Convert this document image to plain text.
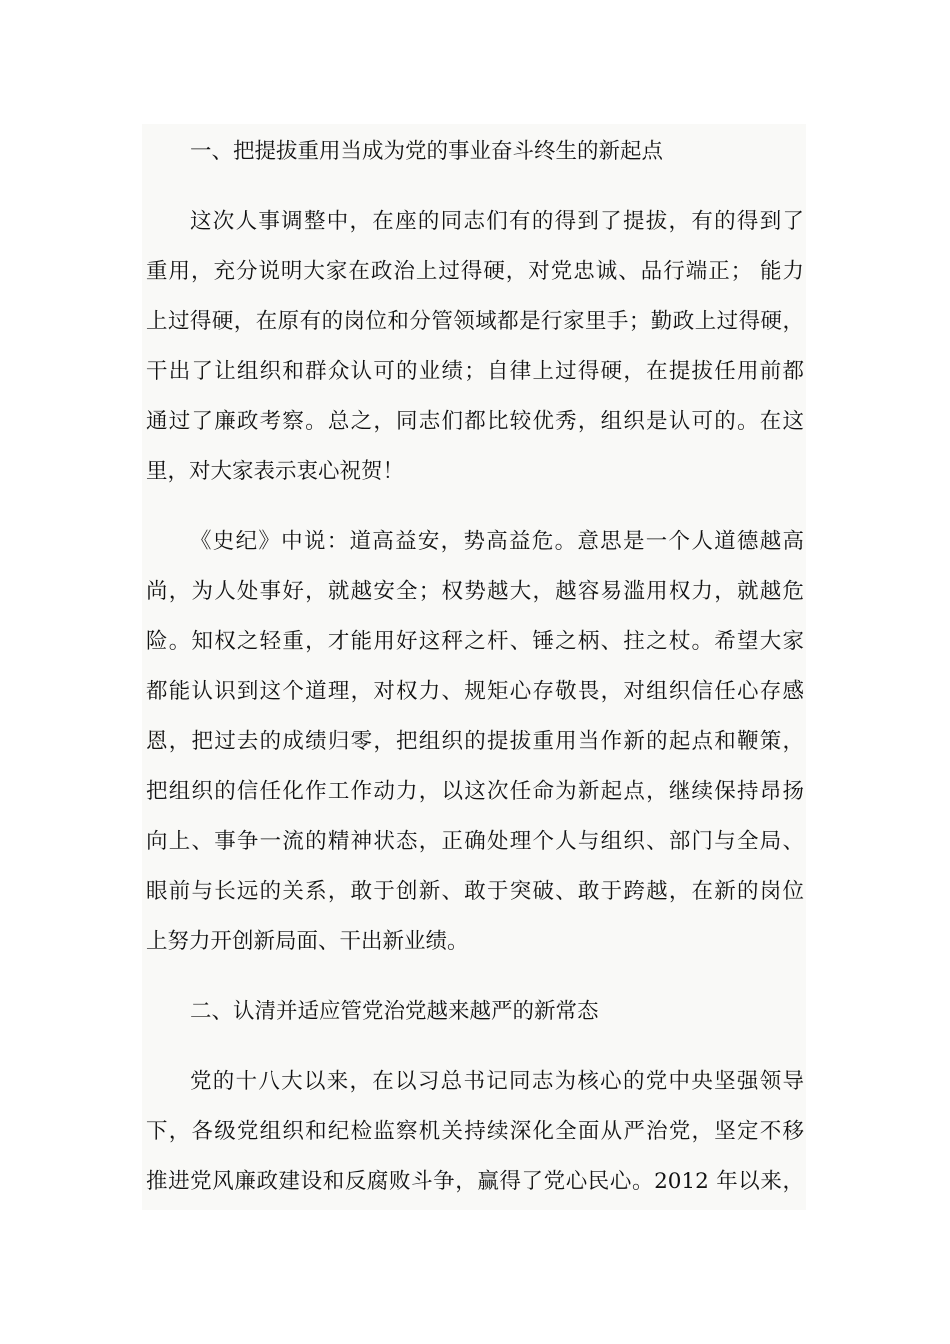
一、把提拔重用当成为党的事业奋斗终生的新起点

这次人事调整中，在座的同志们有的得到了提拔，有的得到了
重用，充分说明大家在政治上过得硬，对党忠诚、品行端正； 能力
上过得硬，在原有的岗位和分管领域都是行家里手；勤政上过得硬，
干出了让组织和群众认可的业绩；自律上过得硬，在提拔任用前都
通过了廉政考察。总之，同志们都比较优秀，组织是认可的。在这
里，对大家表示衷心祝贺！
《史纪》中说：道高益安，势高益危。意思是一个人道德越高
尚，为人处事好，就越安全；权势越大，越容易滥用权力，就越危
险。知权之轻重，才能用好这秤之杆、锤之柄、拄之杖。希望大家
都能认识到这个道理，对权力、规矩心存敬畏，对组织信任心存感
恩，把过去的成绩归零，把组织的提拔重用当作新的起点和鞭策，
把组织的信任化作工作动力，以这次任命为新起点，继续保持昂扬
向上、事争一流的精神状态，正确处理个人与组织、部门与全局、
眼前与长远的关系，敢于创新、敢于突破、敢于跨越，在新的岗位
上努力开创新局面、干出新业绩。

二、认清并适应管党治党越来越严的新常态

党的十八大以来，在以习总书记同志为核心的党中央坚强领导
下，各级党组织和纪检监察机关持续深化全面从严治党，坚定不移
推进党风廉政建设和反腐败斗争，赢得了党心民心。2012 年以来，
